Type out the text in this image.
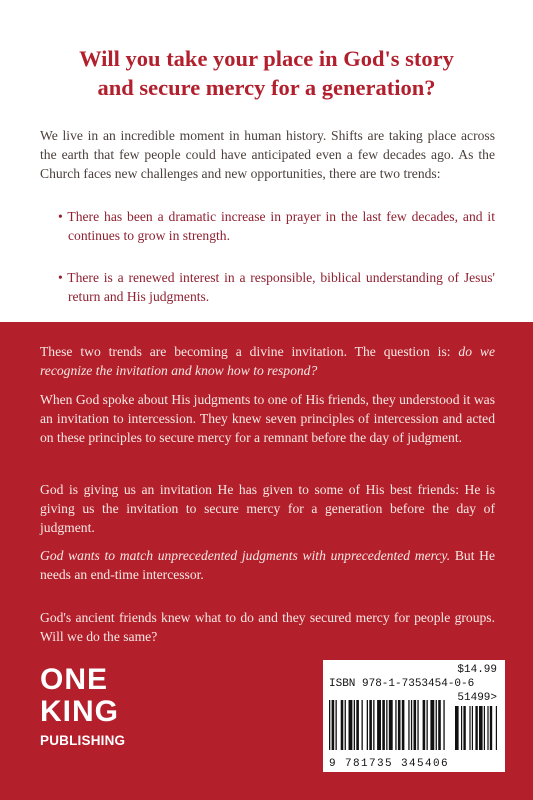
Will you take your place in God's story
and secure mercy for a generation?

We live in an incredible moment in human history. Shifts are taking place across the earth that few people could have anticipated even a few decades ago. As the Church faces new challenges and new opportunities, there are two trends:

• There has been a dramatic increase in prayer in the last few decades, and it continues to grow in strength.

• There is a renewed interest in a responsible, biblical understanding of Jesus' return and His judgments.

These two trends are becoming a divine invitation. The question is: do we recognize the invitation and know how to respond?

When God spoke about His judgments to one of His friends, they understood it was an invitation to intercession. They knew seven principles of intercession and acted on these principles to secure mercy for a remnant before the day of judgment.

God is giving us an invitation He has given to some of His best friends: He is giving us the invitation to secure mercy for a generation before the day of judgment.

God wants to match unprecedented judgments with unprecedented mercy. But He needs an end-time intercessor.

God's ancient friends knew what to do and they secured mercy for people groups. Will we do the same?

ONE
KING
PUBLISHING
$14.99
ISBN 978-1-7353454-0-6
51499>
9 781735 345406
